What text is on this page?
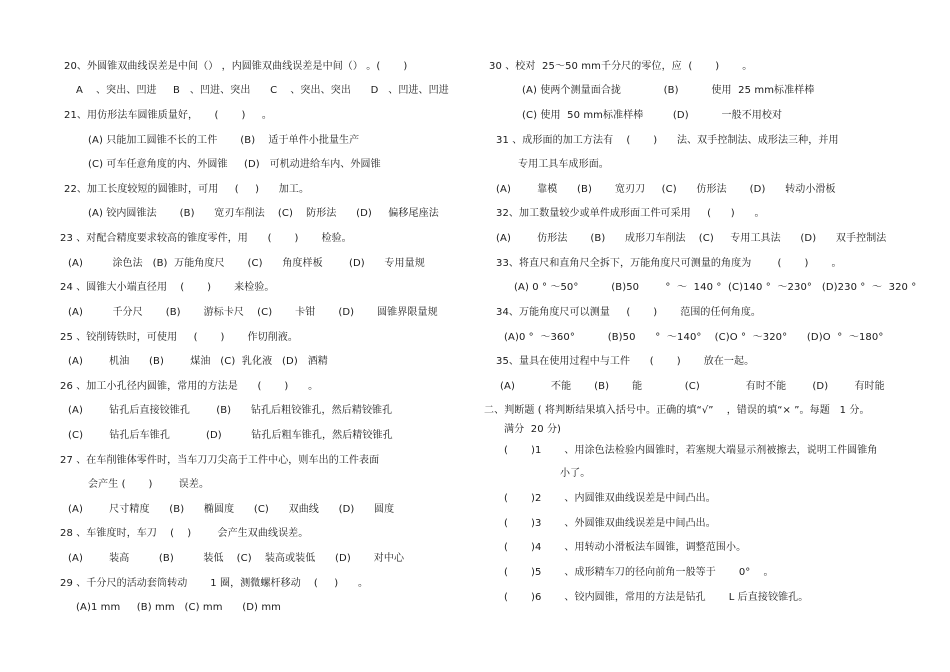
20、外圆锥双曲线误差是中间（） ，内圆锥双曲线误差是中间（） 。(       )
A    、突出、凹进     B   、凹进、突出      C    、突出、突出      D   、凹进、凹进
21、用仿形法车圆锥质量好，     (       )     。
(A) 只能加工圆锥不长的工件       (B)    适于单件小批量生产
(C) 可车任意角度的内、外圆锥     (D)   可机动进给车内、外圆锥
22、加工长度较短的圆锥时，可用     (     )      加工。
(A) 铰内圆锥法       (B)      宽刃车削法    (C)    防形法      (D)     偏移尾座法
23 、对配合精度要求较高的锥度零件，用      (       )       检验。
(A)         涂色法   (B)  万能角度尺       (C)      角度样板        (D)      专用量规
24 、圆锥大小端直径用    (       )       来检验。
(A)         千分尺       (B)       游标卡尺    (C)       卡钳       (D)       圆锥界限量规
25 、铰削铸铁时，可使用     (       )       作切削液。
(A)        机油      (B)        煤油   (C)  乳化液   (D)   酒精
26 、加工小孔径内圆锥，常用的方法是      (       )      。
(A)        钻孔后直接铰锥孔        (B)      钻孔后粗铰锥孔，然后精铰锥孔
(C)        钻孔后车锥孔           (D)         钻孔后粗车锥孔，然后精铰锥孔
27 、在车削锥体零件时，当车刀刀尖高于工件中心，则车出的工件表面
会产生 (       )        误差。
(A)        尺寸精度      (B)      椭圆度      (C)      双曲线      (D)      圆度
28 、车锥度时，车刀    (    )        会产生双曲线误差。
(A)        装高         (B)         装低    (C)    装高或装低      (D)       对中心
29 、千分尺的活动套筒转动       1 圈，测微螺杆移动    (     )      。
(A)1 mm     (B) mm   (C) mm      (D) mm
30 、校对  25～50 mm千分尺的零位，应  (       )       。
(A) 使两个测量面合拢             (B)          使用  25 mm标准样棒
(C) 使用  50 mm标准样棒         (D)          一般不用校对
31 、成形面的加工方法有    (       )      法、双手控制法、成形法三种，并用
专用工具车成形面。
(A)        靠模      (B)       宽刃刀     (C)      仿形法       (D)      转动小滑板
32、加工数量较少或单件成形面工件可采用     (      )      。
(A)        仿形法       (B)      成形刀车削法    (C)     专用工具法      (D)      双手控制法
33、将直尺和直角尺全拆下，万能角度尺可测量的角度为        (       )       。
(A) 0 ° ～50°          (B)50        °  ～  140 °  (C)140 °  ～230°   (D)230 °  ～  320 °
34、万能角度尺可以测量     (       )       范围的任何角度。
(A)0 °  ～360°          (B)50      °  ～140°    (C)O °  ～320°      (D)O  °  ～180°
35、量具在使用过程中与工件      (       )       放在一起。
(A)           不能       (B)       能             (C)              有时不能        (D)        有时能
二、判断题 ( 将判断结果填入括号中。正确的填“√”    ，错误的填“× ”。每题   1 分。
满分  20 分)
(       )1       、用涂色法检验内圆锥时，若塞规大端显示剂被擦去，说明工件圆锥角
小了。
(       )2       、内圆锥双曲线误差是中间凸出。
(       )3       、外圆锥双曲线误差是中间凸出。
(       )4       、用转动小滑板法车圆锥，调整范围小。
(       )5       、成形精车刀的径向前角一般等于       0°    。
(       )6       、铰内圆锥，常用的方法是钻孔       L 后直接铰锥孔。
